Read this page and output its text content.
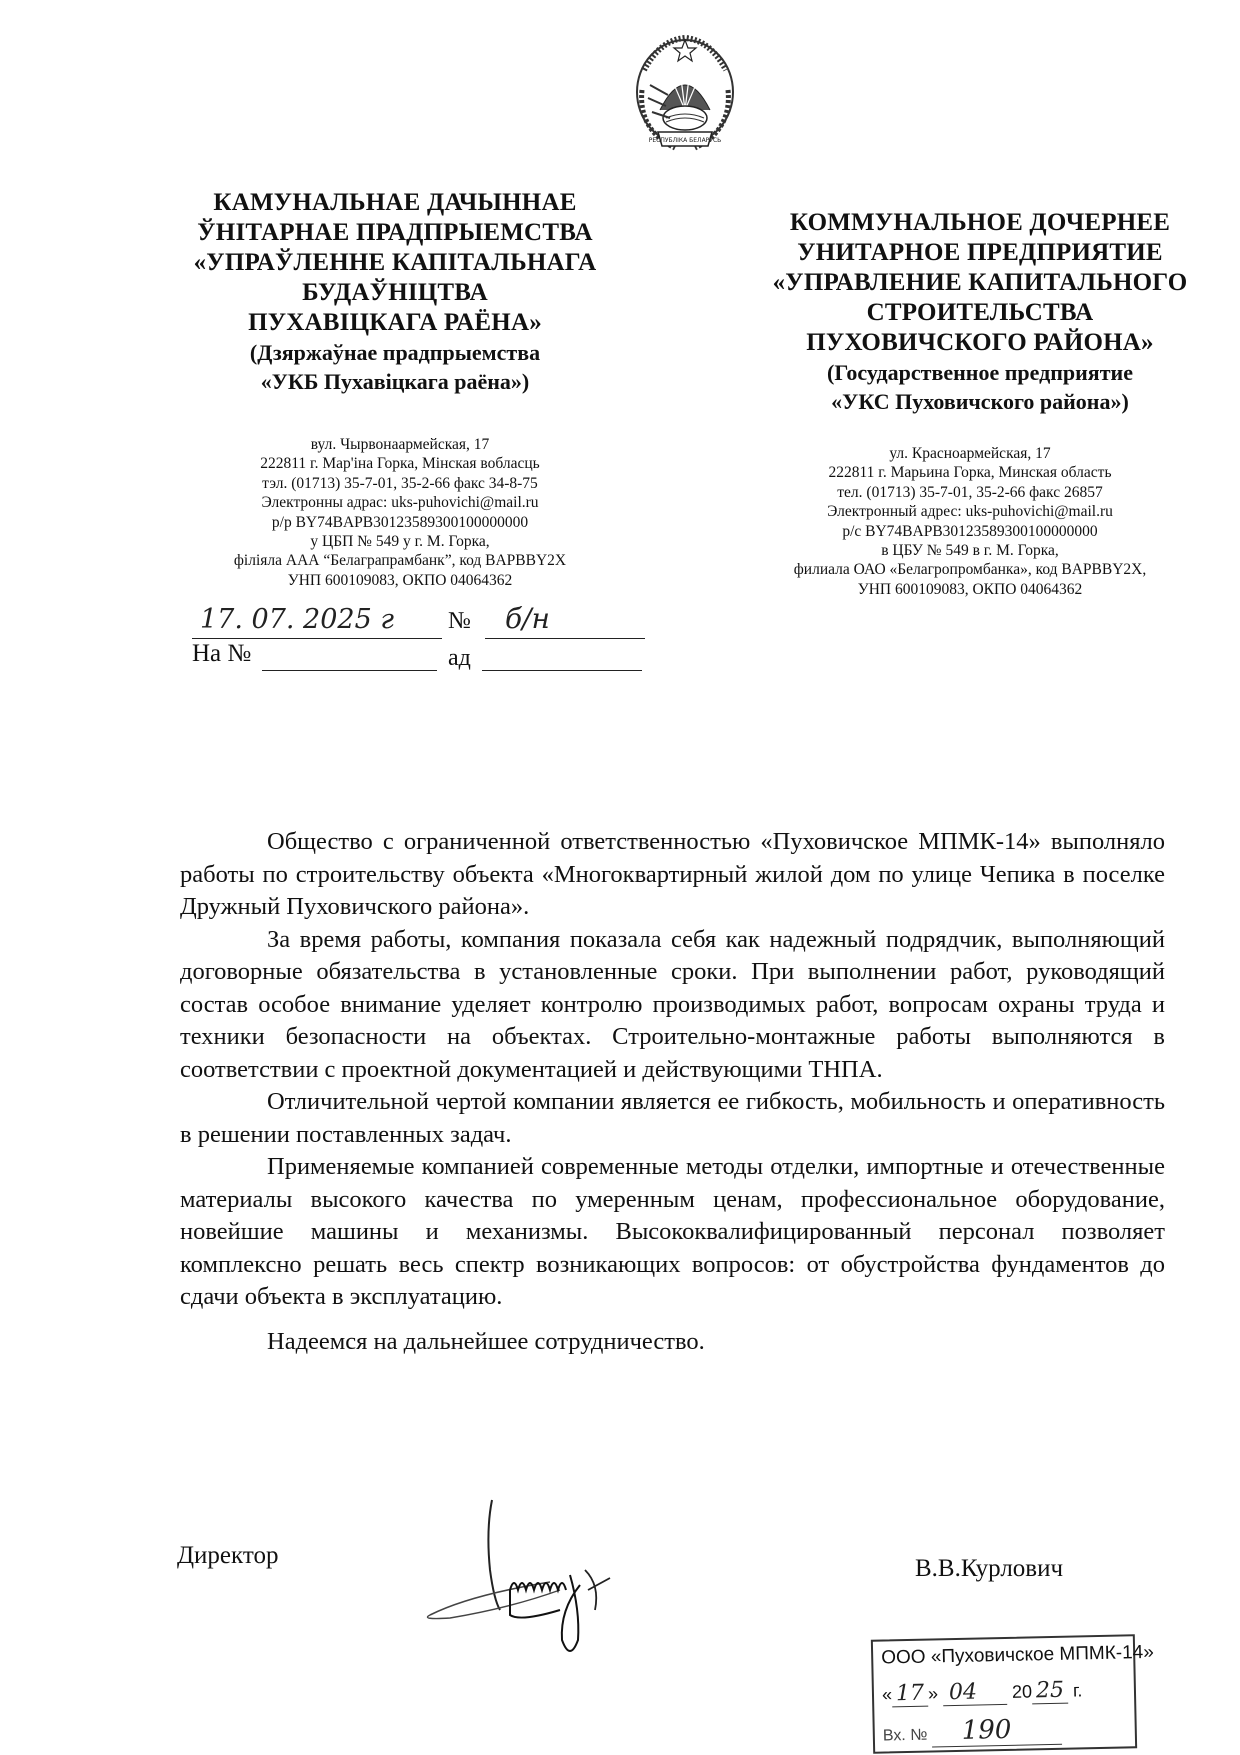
РЕСПУБЛІКА БЕЛАРУСЬ
КАМУНАЛЬНАЕ ДАЧЫННАЕ
ЎНІТАРНАЕ ПРАДПРЫЕМСТВА
«УПРАЎЛЕННЕ КАПІТАЛЬНАГА
БУДАЎНІЦТВА
ПУХАВІЦКАГА РАЁНА»
(Дзяржаўнае прадпрыемства
«УКБ Пухавіцкага раёна»)
КОММУНАЛЬНОЕ ДОЧЕРНЕЕ
УНИТАРНОЕ ПРЕДПРИЯТИЕ
«УПРАВЛЕНИЕ КАПИТАЛЬНОГО
СТРОИТЕЛЬСТВА
ПУХОВИЧСКОГО РАЙОНА»
(Государственное предприятие
«УКС Пуховичского района»)
вул. Чырвонаармейская, 17
222811 г. Мар'іна Горка, Мінская вобласць
тэл. (01713) 35-7-01, 35-2-66 факс 34-8-75
Электронны адрас: uks-puhovichi@mail.ru
р/р BY74BAPB30123589300100000000
у ЦБП № 549 у г. М. Горка,
філіяла ААА “Белаграпрамбанк”, код BAPBBY2X
УНП 600109083, ОКПО 04064362
ул. Красноармейская, 17
222811 г. Марьина Горка, Минская область
тел. (01713) 35-7-01, 35-2-66 факс 26857
Электронный адрес: uks-puhovichi@mail.ru
р/с BY74BAPB30123589300100000000
в ЦБУ № 549 в г. М. Горка,
филиала ОАО «Белагропромбанка», код BAPBBY2X,
УНП 600109083, ОКПО 04064362
17. 07. 2025 г № б/н
На №	ад

Общество с ограниченной ответственностью «Пуховичское МПМК-14» выполняло работы по строительству объекта «Многоквартирный жилой дом по улице Чепика в поселке Дружный Пуховичского района».

За время работы, компания показала себя как надежный подрядчик, выполняющий договорные обязательства в установленные сроки. При выполнении работ, руководящий состав особое внимание уделяет контролю производимых работ, вопросам охраны труда и техники безопасности на объектах. Строительно-монтажные работы выполняются в соответствии с проектной документацией и действующими ТНПА.

Отличительной чертой компании является ее гибкость, мобильность и оперативность в решении поставленных задач.

Применяемые компанией современные методы отделки, импортные и отечественные материалы высокого качества по умеренным ценам, профессиональное оборудование, новейшие машины и механизмы. Высококвалифицированный персонал позволяет комплексно решать весь спектр возникающих вопросов: от обустройства фундаментов до сдачи объекта в эксплуатацию.

Надеемся на дальнейшее сотрудничество.

Директор	В.В.Курлович
ООО «Пуховичское МПМК-14»
« 17 » 04 20 25 г.
Вх. № 190
